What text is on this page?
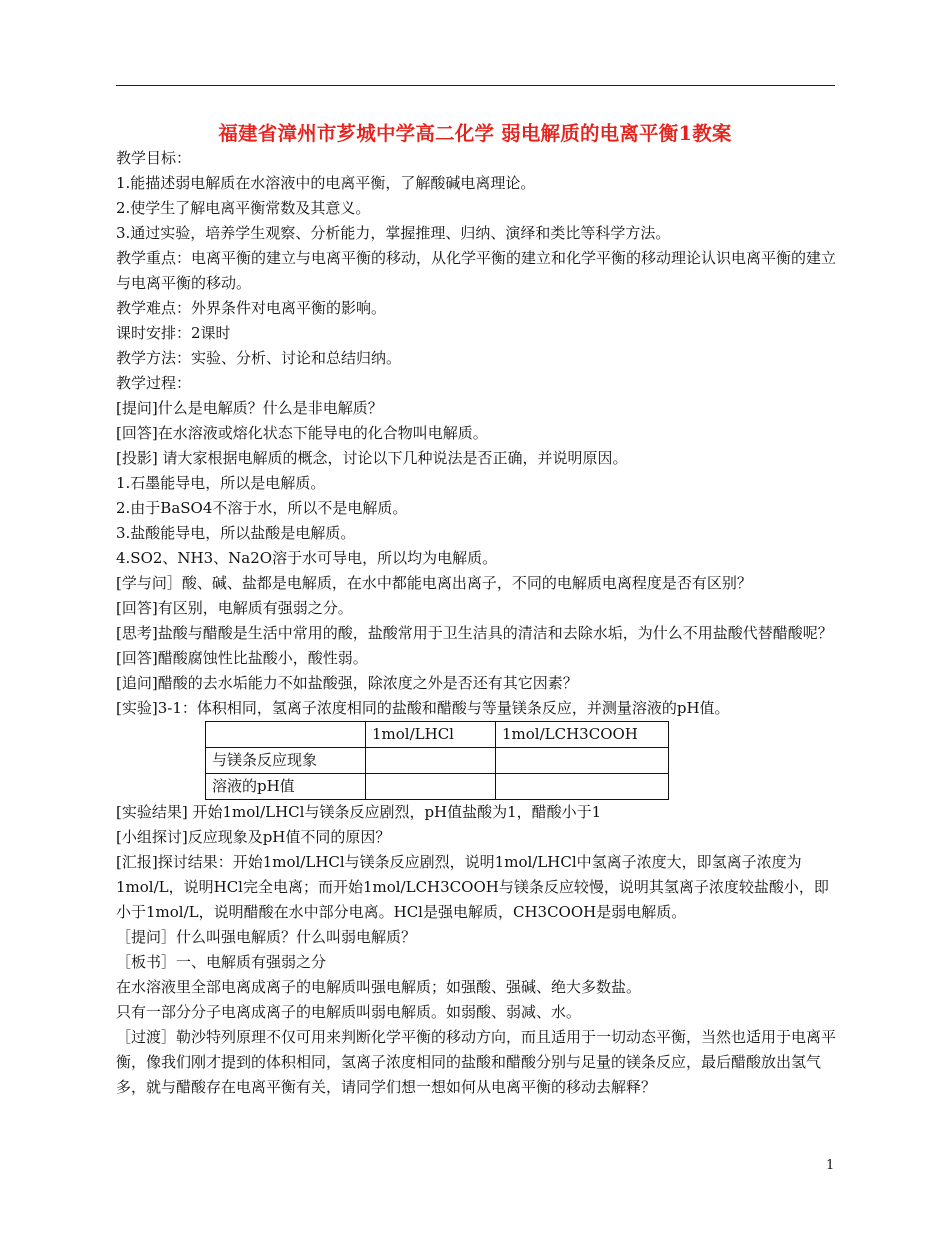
福建省漳州市芗城中学高二化学 弱电解质的电离平衡1教案

教学目标：

1.能描述弱电解质在水溶液中的电离平衡，了解酸碱电离理论。

2.使学生了解电离平衡常数及其意义。

3.通过实验，培养学生观察、分析能力，掌握推理、归纳、演绎和类比等科学方法。

教学重点：电离平衡的建立与电离平衡的移动，从化学平衡的建立和化学平衡的移动理论认识电离平衡的建立与电离平衡的移动。

教学难点：外界条件对电离平衡的影响。

课时安排：2课时

教学方法：实验、分析、讨论和总结归纳。

教学过程：

[提问]什么是电解质？什么是非电解质？

[回答]在水溶液或熔化状态下能导电的化合物叫电解质。

[投影] 请大家根据电解质的概念，讨论以下几种说法是否正确，并说明原因。

1.石墨能导电，所以是电解质。

2.由于BaSO4不溶于水，所以不是电解质。

3.盐酸能导电，所以盐酸是电解质。

4.SO2、NH3、Na2O溶于水可导电，所以均为电解质。

[学与问］酸、碱、盐都是电解质，在水中都能电离出离子，不同的电解质电离程度是否有区别？

[回答]有区别，电解质有强弱之分。

[思考]盐酸与醋酸是生活中常用的酸，盐酸常用于卫生洁具的清洁和去除水垢，为什么不用盐酸代替醋酸呢？

[回答]醋酸腐蚀性比盐酸小，酸性弱。

[追问]醋酸的去水垢能力不如盐酸强，除浓度之外是否还有其它因素？

[实验]3-1：体积相同，氢离子浓度相同的盐酸和醋酸与等量镁条反应，并测量溶液的pH值。

	1mol/LHCl	1mol/LCH3COOH
与镁条反应现象		
溶液的pH值		

[实验结果] 开始1mol/LHCl与镁条反应剧烈，pH值盐酸为1，醋酸小于1

[小组探讨]反应现象及pH值不同的原因？

[汇报]探讨结果：开始1mol/LHCl与镁条反应剧烈，说明1mol/LHCl中氢离子浓度大，即氢离子浓度为1mol/L，说明HCl完全电离；而开始1mol/LCH3COOH与镁条反应较慢，说明其氢离子浓度较盐酸小，即小于1mol/L，说明醋酸在水中部分电离。HCl是强电解质，CH3COOH是弱电解质。

［提问］什么叫强电解质？什么叫弱电解质？

［板书］一、电解质有强弱之分

在水溶液里全部电离成离子的电解质叫强电解质；如强酸、强碱、绝大多数盐。

只有一部分分子电离成离子的电解质叫弱电解质。如弱酸、弱减、水。

［过渡］勒沙特列原理不仅可用来判断化学平衡的移动方向，而且适用于一切动态平衡，当然也适用于电离平衡，像我们刚才提到的体积相同，氢离子浓度相同的盐酸和醋酸分别与足量的镁条反应，最后醋酸放出氢气多，就与醋酸存在电离平衡有关，请同学们想一想如何从电离平衡的移动去解释？

1
